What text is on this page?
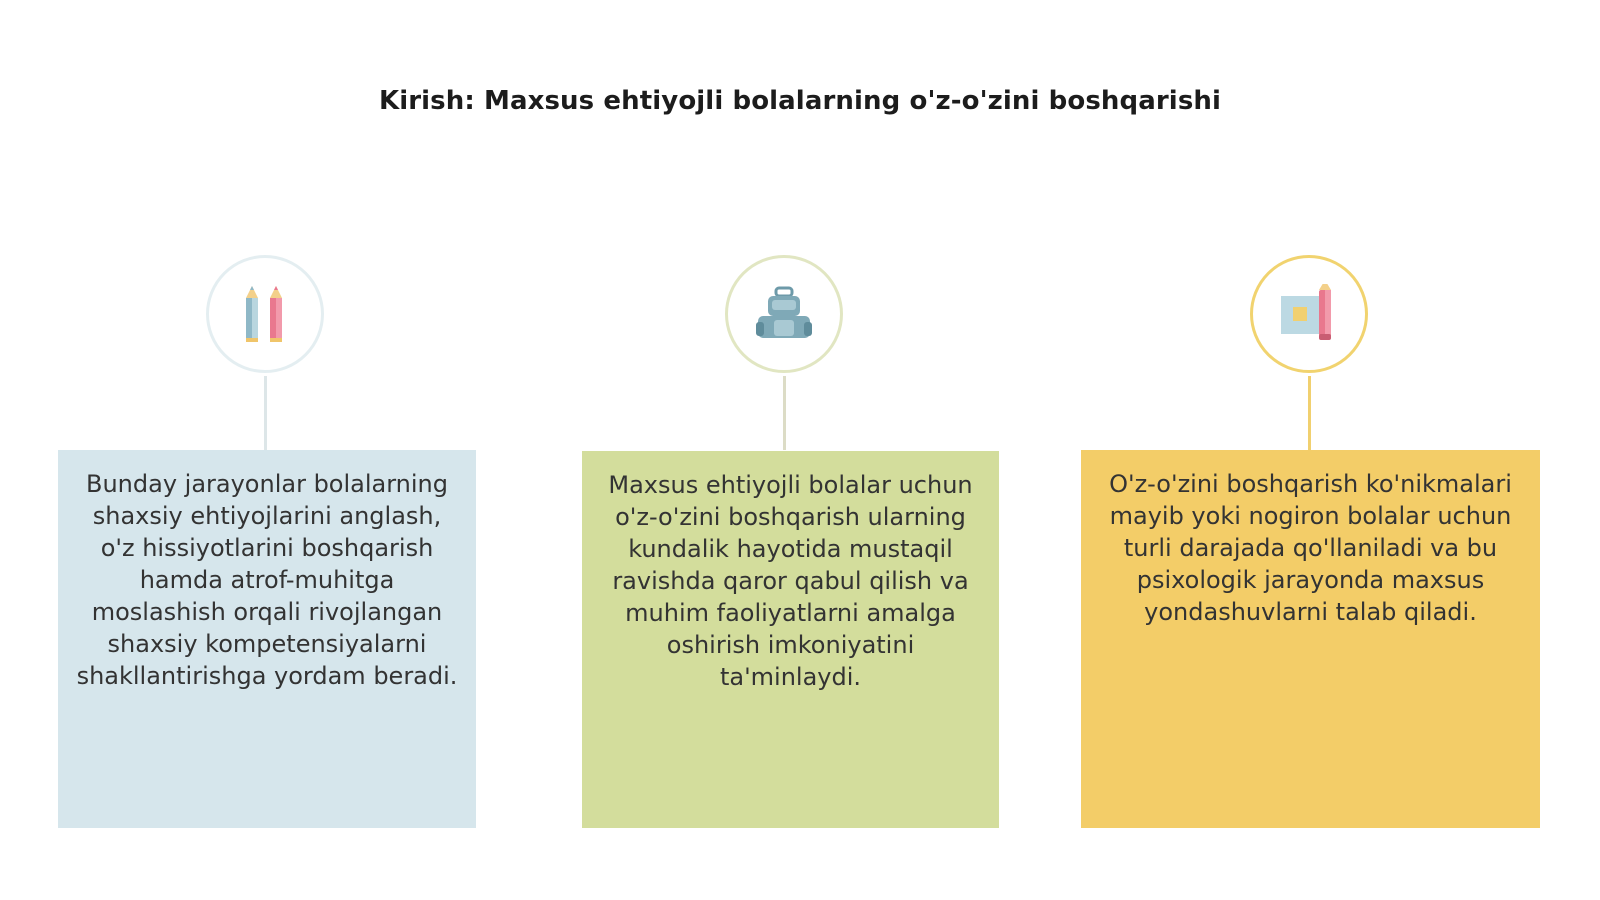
Kirish: Maxsus ehtiyojli bolalarning o'z-o'zini boshqarishi
Bunday jarayonlar bolalarning shaxsiy ehtiyojlarini anglash, o'z hissiyotlarini boshqarish hamda atrof-muhitga moslashish orqali rivojlangan shaxsiy kompetensiyalarni shakllantirishga yordam beradi.
Maxsus ehtiyojli bolalar uchun o'z-o'zini boshqarish ularning kundalik hayotida mustaqil ravishda qaror qabul qilish va muhim faoliyatlarni amalga oshirish imkoniyatini ta'minlaydi.
O'z-o'zini boshqarish ko'nikmalari mayib yoki nogiron bolalar uchun turli darajada qo'llaniladi va bu psixologik jarayonda maxsus yondashuvlarni talab qiladi.
